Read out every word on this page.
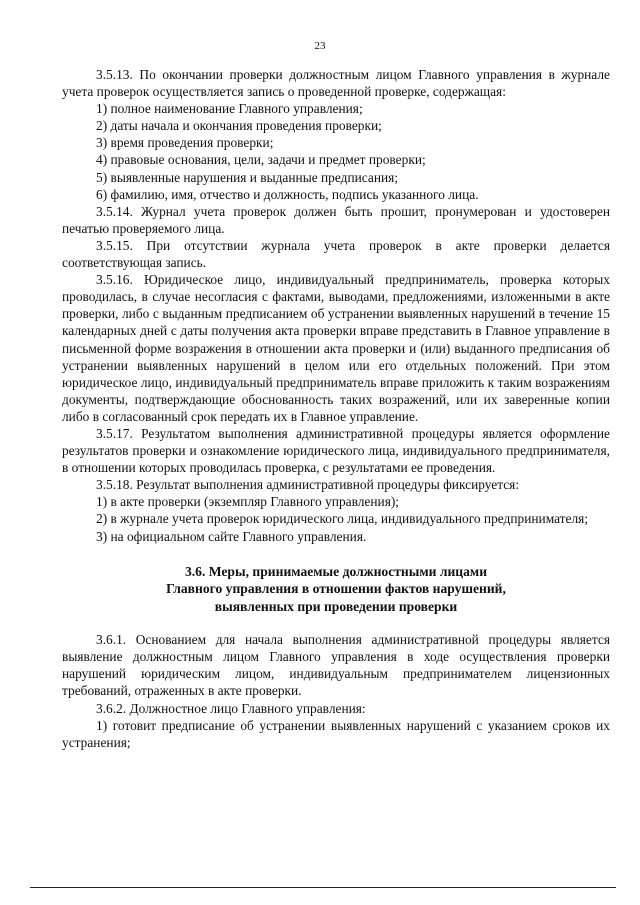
23

3.5.13. По окончании проверки должностным лицом Главного управления в журнале учета проверок осуществляется запись о проведенной проверке, содержащая:

1) полное наименование Главного управления;

2) даты начала и окончания проведения проверки;

3) время проведения проверки;

4) правовые основания, цели, задачи и предмет проверки;

5) выявленные нарушения и выданные предписания;

6) фамилию, имя, отчество и должность, подпись указанного лица.

3.5.14. Журнал учета проверок должен быть прошит, пронумерован и удостоверен печатью проверяемого лица.

3.5.15. При отсутствии журнала учета проверок в акте проверки делается соответствующая запись.

3.5.16. Юридическое лицо, индивидуальный предприниматель, проверка которых проводилась, в случае несогласия с фактами, выводами, предложениями, изложенными в акте проверки, либо с выданным предписанием об устранении выявленных нарушений в течение 15 календарных дней с даты получения акта проверки вправе представить в Главное управление в письменной форме возражения в отношении акта проверки и (или) выданного предписания об устранении выявленных нарушений в целом или его отдельных положений. При этом юридическое лицо, индивидуальный предприниматель вправе приложить к таким возражениям документы, подтверждающие обоснованность таких возражений, или их заверенные копии либо в согласованный срок передать их в Главное управление.

3.5.17. Результатом выполнения административной процедуры является оформление результатов проверки и ознакомление юридического лица, индивидуального предпринимателя, в отношении которых проводилась проверка, с результатами ее проведения.

3.5.18. Результат выполнения административной процедуры фиксируется:

1) в акте проверки (экземпляр Главного управления);

2) в журнале учета проверок юридического лица, индивидуального предпринимателя;

3) на официальном сайте Главного управления.

3.6. Меры, принимаемые должностными лицами
Главного управления в отношении фактов нарушений,
выявленных при проведении проверки

3.6.1. Основанием для начала выполнения административной процедуры является выявление должностным лицом Главного управления в ходе осуществления проверки нарушений юридическим лицом, индивидуальным предпринимателем лицензионных требований, отраженных в акте проверки.

3.6.2. Должностное лицо Главного управления:

1) готовит предписание об устранении выявленных нарушений с указанием сроков их устранения;
